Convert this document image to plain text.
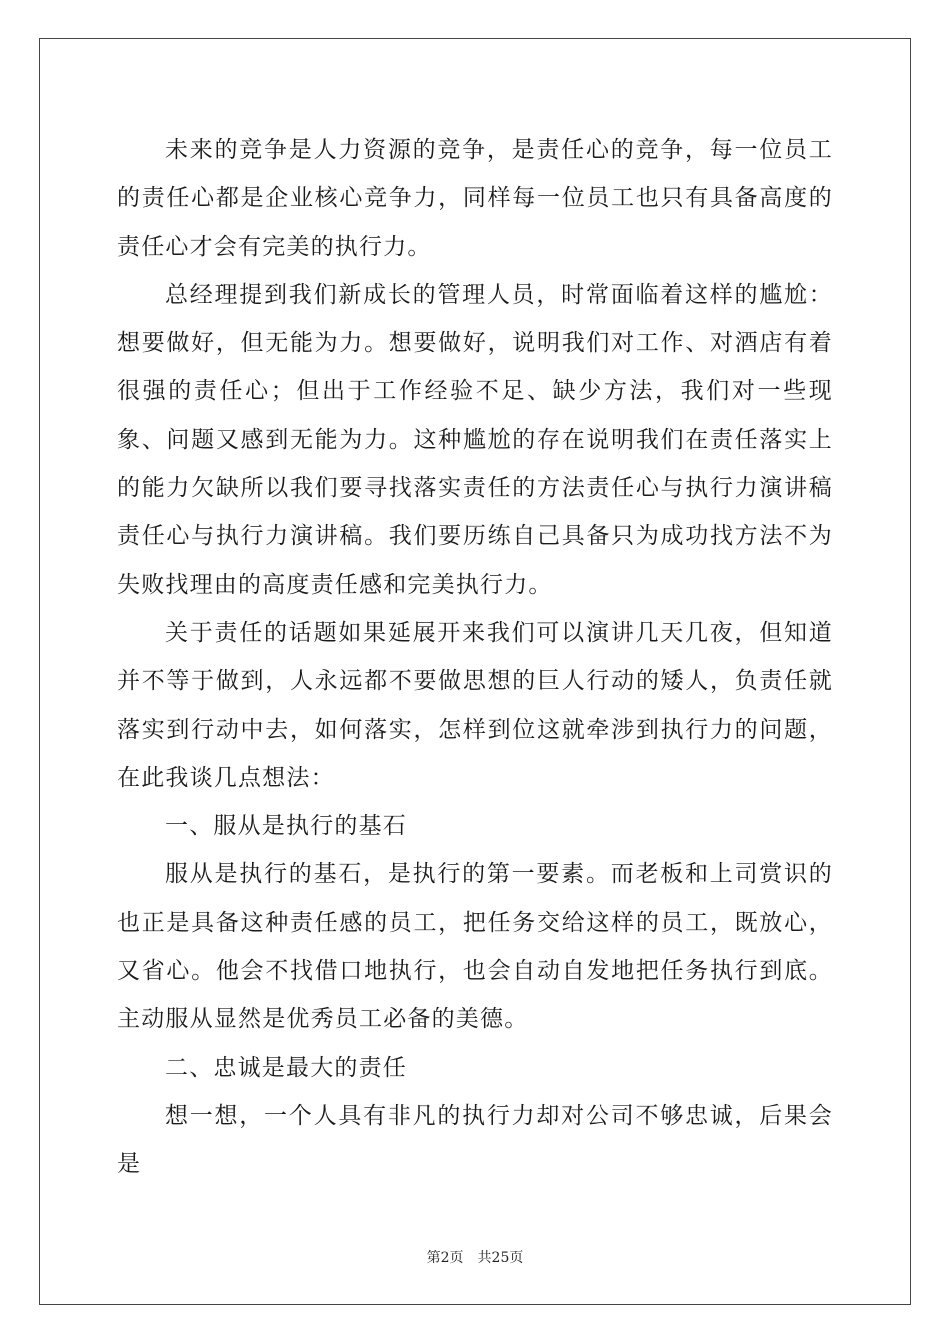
未来的竞争是人力资源的竞争，是责任心的竞争，每一位员工的责任心都是企业核心竞争力，同样每一位员工也只有具备高度的责任心才会有完美的执行力。

总经理提到我们新成长的管理人员，时常面临着这样的尴尬：想要做好，但无能为力。想要做好，说明我们对工作、对酒店有着很强的责任心；但出于工作经验不足、缺少方法，我们对一些现象、问题又感到无能为力。这种尴尬的存在说明我们在责任落实上的能力欠缺所以我们要寻找落实责任的方法责任心与执行力演讲稿责任心与执行力演讲稿。我们要历练自己具备只为成功找方法不为失败找理由的高度责任感和完美执行力。

关于责任的话题如果延展开来我们可以演讲几天几夜，但知道并不等于做到，人永远都不要做思想的巨人行动的矮人，负责任就落实到行动中去，如何落实，怎样到位这就牵涉到执行力的问题，在此我谈几点想法：

一、服从是执行的基石

服从是执行的基石，是执行的第一要素。而老板和上司赏识的也正是具备这种责任感的员工，把任务交给这样的员工，既放心，又省心。他会不找借口地执行，也会自动自发地把任务执行到底。主动服从显然是优秀员工必备的美德。

二、忠诚是最大的责任

想一想，一个人具有非凡的执行力却对公司不够忠诚，后果会是

第2页 共25页
